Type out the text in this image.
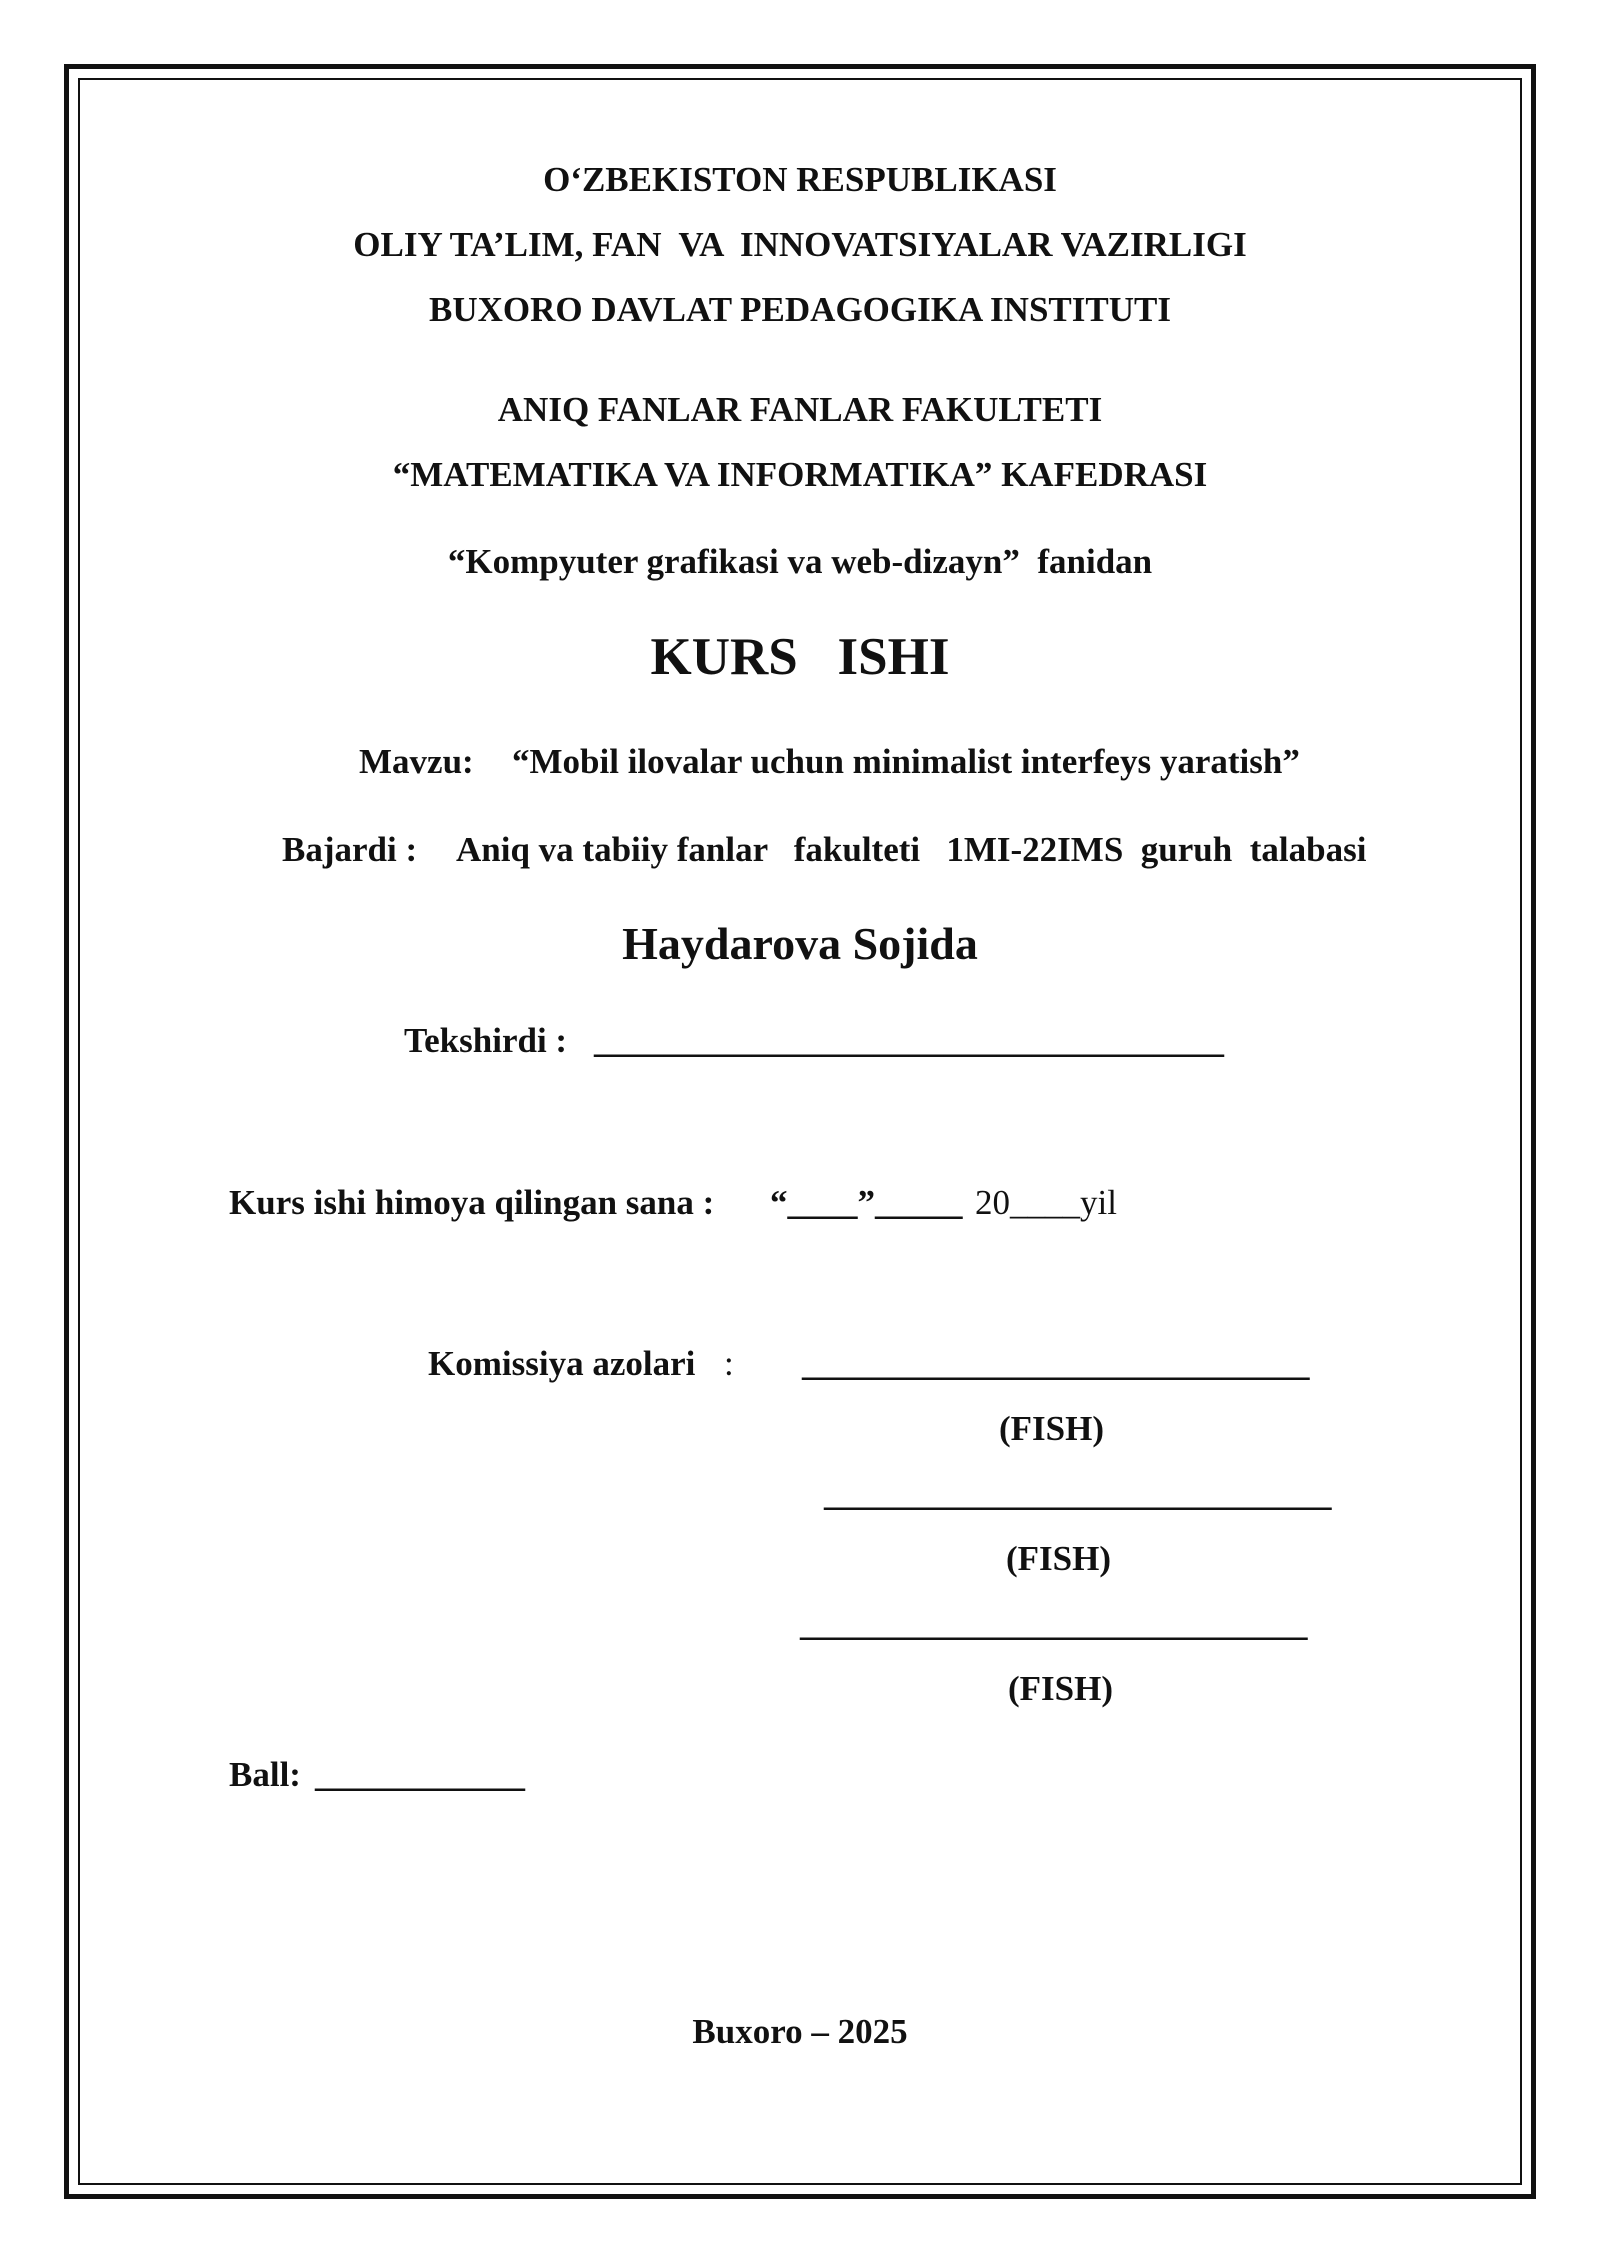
O‘ZBEKISTON RESPUBLIKASI
OLIY TA’LIM, FAN  VA  INNOVATSIYALAR VAZIRLIGI
BUXORO DAVLAT PEDAGOGIKA INSTITUTI
ANIQ FANLAR FANLAR FAKULTETI
“MATEMATIKA VA INFORMATIKA” KAFEDRASI
“Kompyuter grafikasi va web-dizayn”  fanidan
KURS   ISHI
Mavzu: “Mobil ilovalar uchun minimalist interfeys yaratish”
Bajardi : Aniq va tabiiy fanlar   fakulteti   1MI-22IMS  guruh  talabasi
Haydarova Sojida
Tekshirdi : ____________________________________
Kurs ishi himoya qilingan sana : “____”_____ 20____yil
Komissiya azolari : _____________________________
(FISH)
_____________________________
(FISH)
_____________________________
(FISH)
Ball: ____________
Buxoro – 2025
